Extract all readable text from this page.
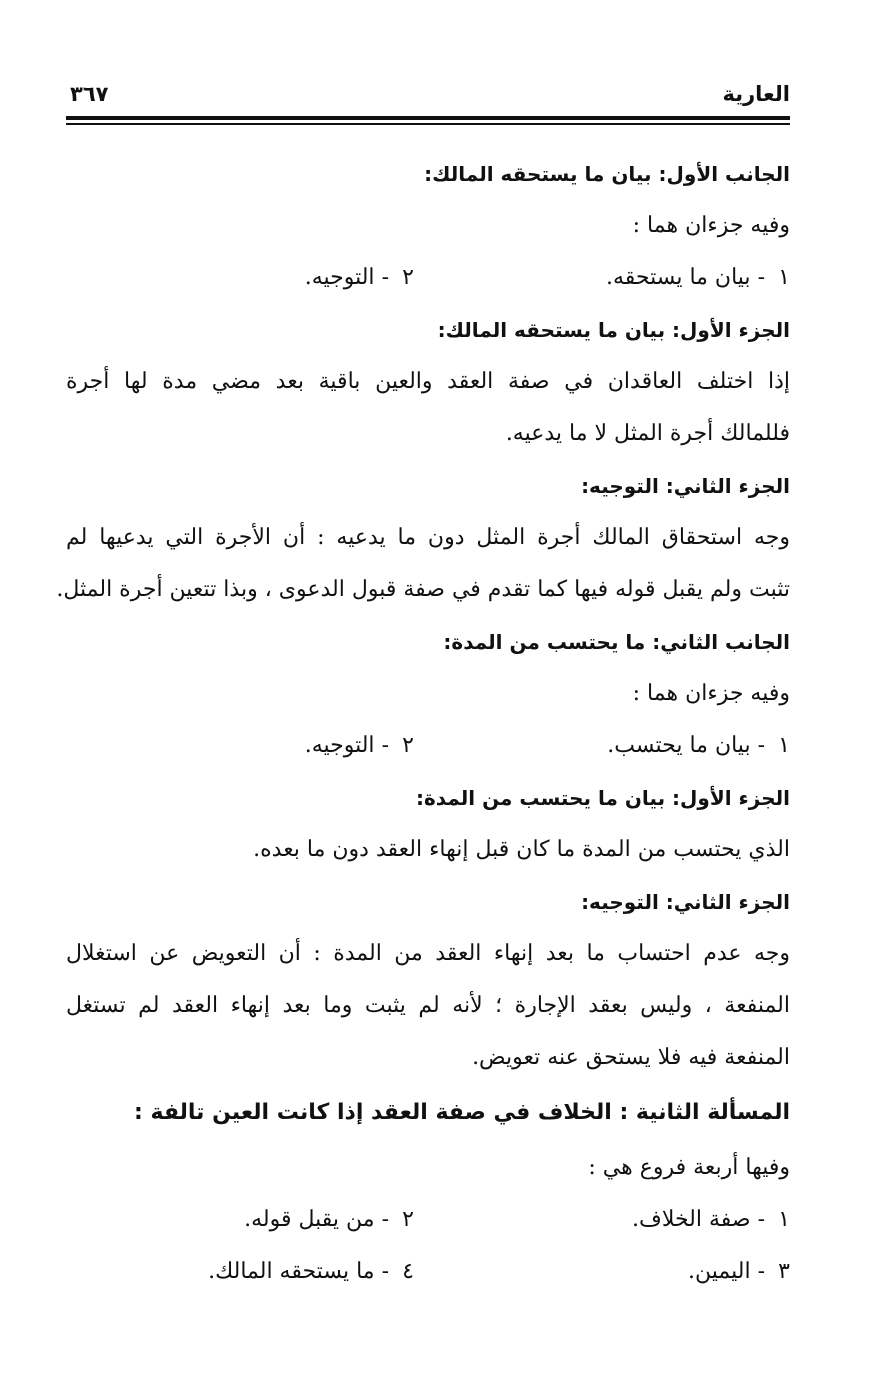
العارية
٣٦٧
الجانب الأول: بيان ما يستحقه المالك:
وفيه جزءان هما :
١ - بيان ما يستحقه.
٢ - التوجيه.
الجزء الأول: بيان ما يستحقه المالك:
إذا اختلف العاقدان في صفة العقد والعين باقية بعد مضي مدة لها أجرة
فللمالك أجرة المثل لا ما يدعيه.
الجزء الثاني: التوجيه:
وجه استحقاق المالك أجرة المثل دون ما يدعيه : أن الأجرة التي يدعيها لم
تثبت ولم يقبل قوله فيها كما تقدم في صفة قبول الدعوى ، وبذا تتعين أجرة المثل.
الجانب الثاني: ما يحتسب من المدة:
وفيه جزءان هما :
١ - بيان ما يحتسب.
٢ - التوجيه.
الجزء الأول: بيان ما يحتسب من المدة:
الذي يحتسب من المدة ما كان قبل إنهاء العقد دون ما بعده.
الجزء الثاني: التوجيه:
وجه عدم احتساب ما بعد إنهاء العقد من المدة : أن التعويض عن استغلال
المنفعة ، وليس بعقد الإجارة ؛ لأنه لم يثبت وما بعد إنهاء العقد لم تستغل
المنفعة فيه فلا يستحق عنه تعويض.
المسألة الثانية : الخلاف في صفة العقد إذا كانت العين تالفة :
وفيها أربعة فروع هي :
١ - صفة الخلاف.
٢ - من يقبل قوله.
٣ - اليمين.
٤ - ما يستحقه المالك.
